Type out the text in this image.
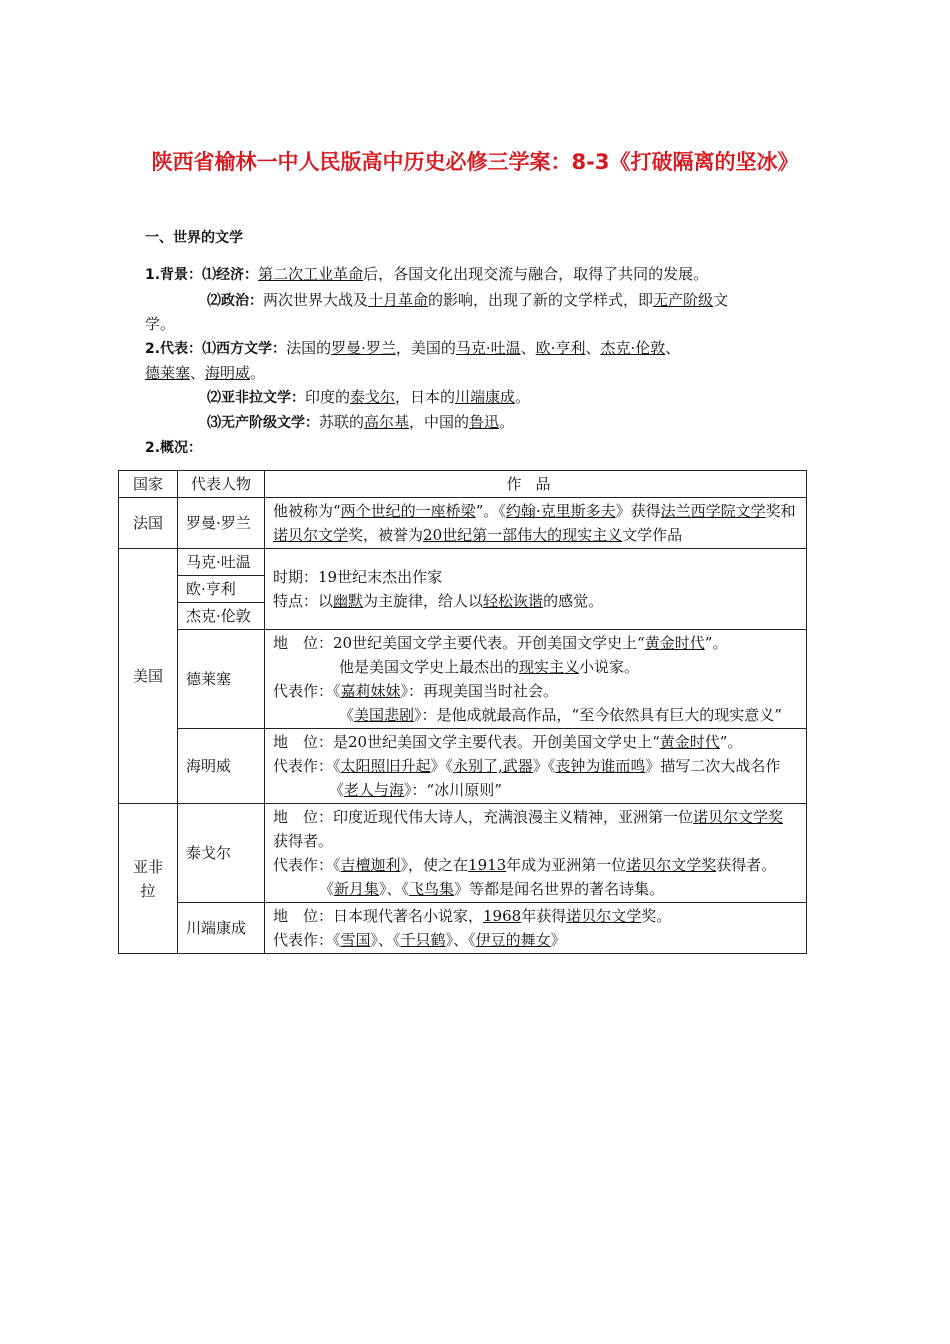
陕西省榆林一中人民版高中历史必修三学案：8-3《打破隔离的坚冰》
一、世界的文学
1.背景：⑴经济：第二次工业革命后，各国文化出现交流与融合，取得了共同的发展。
⑵政治：两次世界大战及十月革命的影响，出现了新的文学样式，即无产阶级文
学。
2.代表：⑴西方文学：法国的罗曼·罗兰，美国的马克·吐温、欧·亨利、杰克·伦敦、
德莱塞、海明威。
⑵亚非拉文学：印度的泰戈尔，日本的川端康成。
⑶无产阶级文学：苏联的高尔基，中国的鲁迅。
2.概况：
国家	代表人物	作品
法国	罗曼·罗兰	他被称为“两个世纪的一座桥梁”。《约翰·克里斯多夫》获得法兰西学院文学奖和诺贝尔文学奖，被誉为20世纪第一部伟大的现实主义文学作品
美国	马克·吐温	时期：19世纪末杰出作家
特点：以幽默为主旋律，给人以轻松诙谐的感觉。

	欧·亨利	
	杰克·伦敦	
	德莱塞	地　位：20世纪美国文学主要代表。开创美国文学史上“黄金时代”。
他是美国文学史上最杰出的现实主义小说家。
代表作：《嘉莉妹妹》：再现美国当时社会。
《美国悲剧》：是他成就最高作品，“至今依然具有巨大的现实意义”

	海明威	地　位：是20世纪美国文学主要代表。开创美国文学史上“黄金时代”。
代表作：《太阳照旧升起》《永别了,武器》《丧钟为谁而鸣》描写二次大战名作
《老人与海》：“冰川原则”

亚非拉	泰戈尔	地　位：印度近现代伟大诗人，充满浪漫主义精神，亚洲第一位诺贝尔文学奖获得者。
代表作：《吉檀迦利》，使之在1913年成为亚洲第一位诺贝尔文学奖获得者。
《新月集》、《飞鸟集》等都是闻名世界的著名诗集。

	川端康成	地　位：日本现代著名小说家，1968年获得诺贝尔文学奖。
代表作：《雪国》、《千只鹤》、《伊豆的舞女》
